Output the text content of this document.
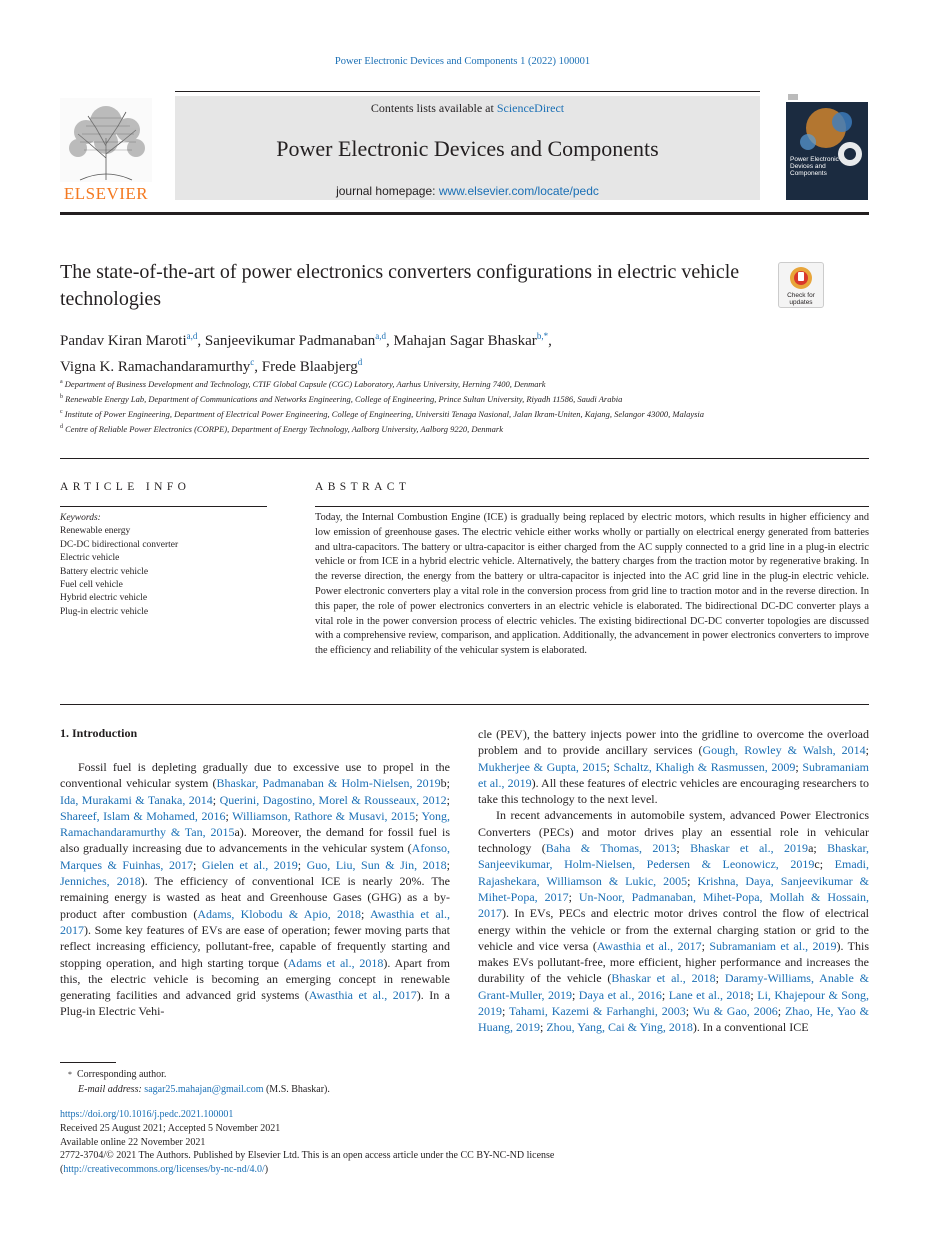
Power Electronic Devices and Components 1 (2022) 100001
Contents lists available at ScienceDirect
Power Electronic Devices and Components
journal homepage: www.elsevier.com/locate/pedc
ELSEVIER
Power Electronic Devices and Components
The state-of-the-art of power electronics converters configurations in electric vehicle technologies	Check for updates
Pandav Kiran Maroti$^{a,d}$, Sanjeevikumar Padmanaban$^{a,d}$, Mahajan Sagar Bhaskar$^{b,*}$,
Vigna K. Ramachandaramurthy$^c$, Frede Blaabjerg$^d$
$^a$ Department of Business Development and Technology, CTIF Global Capsule (CGC) Laboratory, Aarhus University, Herning 7400, Denmark
$^b$ Renewable Energy Lab, Department of Communications and Networks Engineering, College of Engineering, Prince Sultan University, Riyadh 11586, Saudi Arabia
$^c$ Institute of Power Engineering, Department of Electrical Power Engineering, College of Engineering, Universiti Tenaga Nasional, Jalan Ikram-Uniten, Kajang, Selangor 43000, Malaysia
$^d$ Centre of Reliable Power Electronics (CORPE), Department of Energy Technology, Aalborg University, Aalborg 9220, Denmark
ARTICLE INFO	ABSTRACT
Keywords:
Renewable energy
DC-DC bidirectional converter
Electric vehicle
Battery electric vehicle
Fuel cell vehicle
Hybrid electric vehicle
Plug-in electric vehicle
Today, the Internal Combustion Engine (ICE) is gradually being replaced by electric motors, which results in higher efficiency and low emission of greenhouse gases. The electric vehicle either works wholly or partially on electrical energy generated from batteries and ultra-capacitors. The battery or ultra-capacitor is either charged from the AC supply connected to a grid line in a plug-in electric vehicle or from ICE in a hybrid electric vehicle. Alternatively, the battery charges from the traction motor by regenerative braking. In the reverse direction, the energy from the battery or ultra-capacitor is injected into the AC grid line in the plug-in electric vehicle. Power electronic converters play a vital role in the conversion process from grid line to traction motor and in the reverse direction. In this paper, the role of power electronics converters in an electric vehicle is elaborated. The bidirectional DC-DC converter plays a vital role in the power conversion process of electric vehicles. The existing bidirectional DC-DC converter topologies are discussed with a comprehensive review, comparison, and application. Additionally, the advancement in power electronics converters to improve the efficiency and reliability of the vehicular system is elaborated.
1. Introduction

Fossil fuel is depleting gradually due to excessive use to propel in the conventional vehicular system (Bhaskar, Padmanaban & Holm-Nielsen, 2019b; Ida, Murakami & Tanaka, 2014; Querini, Dagostino, Morel & Rousseaux, 2012; Shareef, Islam & Mohamed, 2016; Williamson, Rathore & Musavi, 2015; Yong, Ramachandaramurthy & Tan, 2015a). Moreover, the demand for fossil fuel is also gradually increasing due to advancements in the vehicular system (Afonso, Marques & Fuinhas, 2017; Gielen et al., 2019; Guo, Liu, Sun & Jin, 2018; Jenniches, 2018). The efficiency of conventional ICE is nearly 20%. The remaining energy is wasted as heat and Greenhouse Gases (GHG) as a by-product after combustion (Adams, Klobodu & Apio, 2018; Awasthia et al., 2017). Some key features of EVs are ease of operation; fewer moving parts that reflect increasing efficiency, pollutant-free, capable of frequently starting and stopping operation, and high starting torque (Adams et al., 2018). Apart from this, the electric vehicle is becoming an emerging concept in renewable generating facilities and advanced grid systems (Awasthia et al., 2017). In a Plug-in Electric Vehi-

cle (PEV), the battery injects power into the gridline to overcome the overload problem and to provide ancillary services (Gough, Rowley & Walsh, 2014; Mukherjee & Gupta, 2015; Schaltz, Khaligh & Rasmussen, 2009; Subramaniam et al., 2019). All these features of electric vehicles are encouraging researchers to take this technology to the next level.

In recent advancements in automobile system, advanced Power Electronics Converters (PECs) and motor drives play an essential role in vehicular technology (Baha & Thomas, 2013; Bhaskar et al., 2019a; Bhaskar, Sanjeevikumar, Holm-Nielsen, Pedersen & Leonowicz, 2019c; Emadi, Rajashekara, Williamson & Lukic, 2005; Krishna, Daya, Sanjeevikumar & Mihet-Popa, 2017; Un-Noor, Padmanaban, Mihet-Popa, Mollah & Hossain, 2017). In EVs, PECs and electric motor drives control the flow of electrical energy within the vehicle or from the external charging station or grid to the vehicle and vice versa (Awasthia et al., 2017; Subramaniam et al., 2019). This makes EVs pollutant-free, more efficient, higher performance and increases the durability of the vehicle (Bhaskar et al., 2018; Daramy-Williams, Anable & Grant-Muller, 2019; Daya et al., 2016; Lane et al., 2018; Li, Khajepour & Song, 2019; Tahami, Kazemi & Farhanghi, 2003; Wu & Gao, 2006; Zhao, He, Yao & Huang, 2019; Zhou, Yang, Cai & Ying, 2018). In a conventional ICE

* Corresponding author.
E-mail address: sagar25.mahajan@gmail.com (M.S. Bhaskar).
https://doi.org/10.1016/j.pedc.2021.100001
Received 25 August 2021; Accepted 5 November 2021
Available online 22 November 2021
2772-3704/© 2021 The Authors. Published by Elsevier Ltd. This is an open access article under the CC BY-NC-ND license
(http://creativecommons.org/licenses/by-nc-nd/4.0/)
